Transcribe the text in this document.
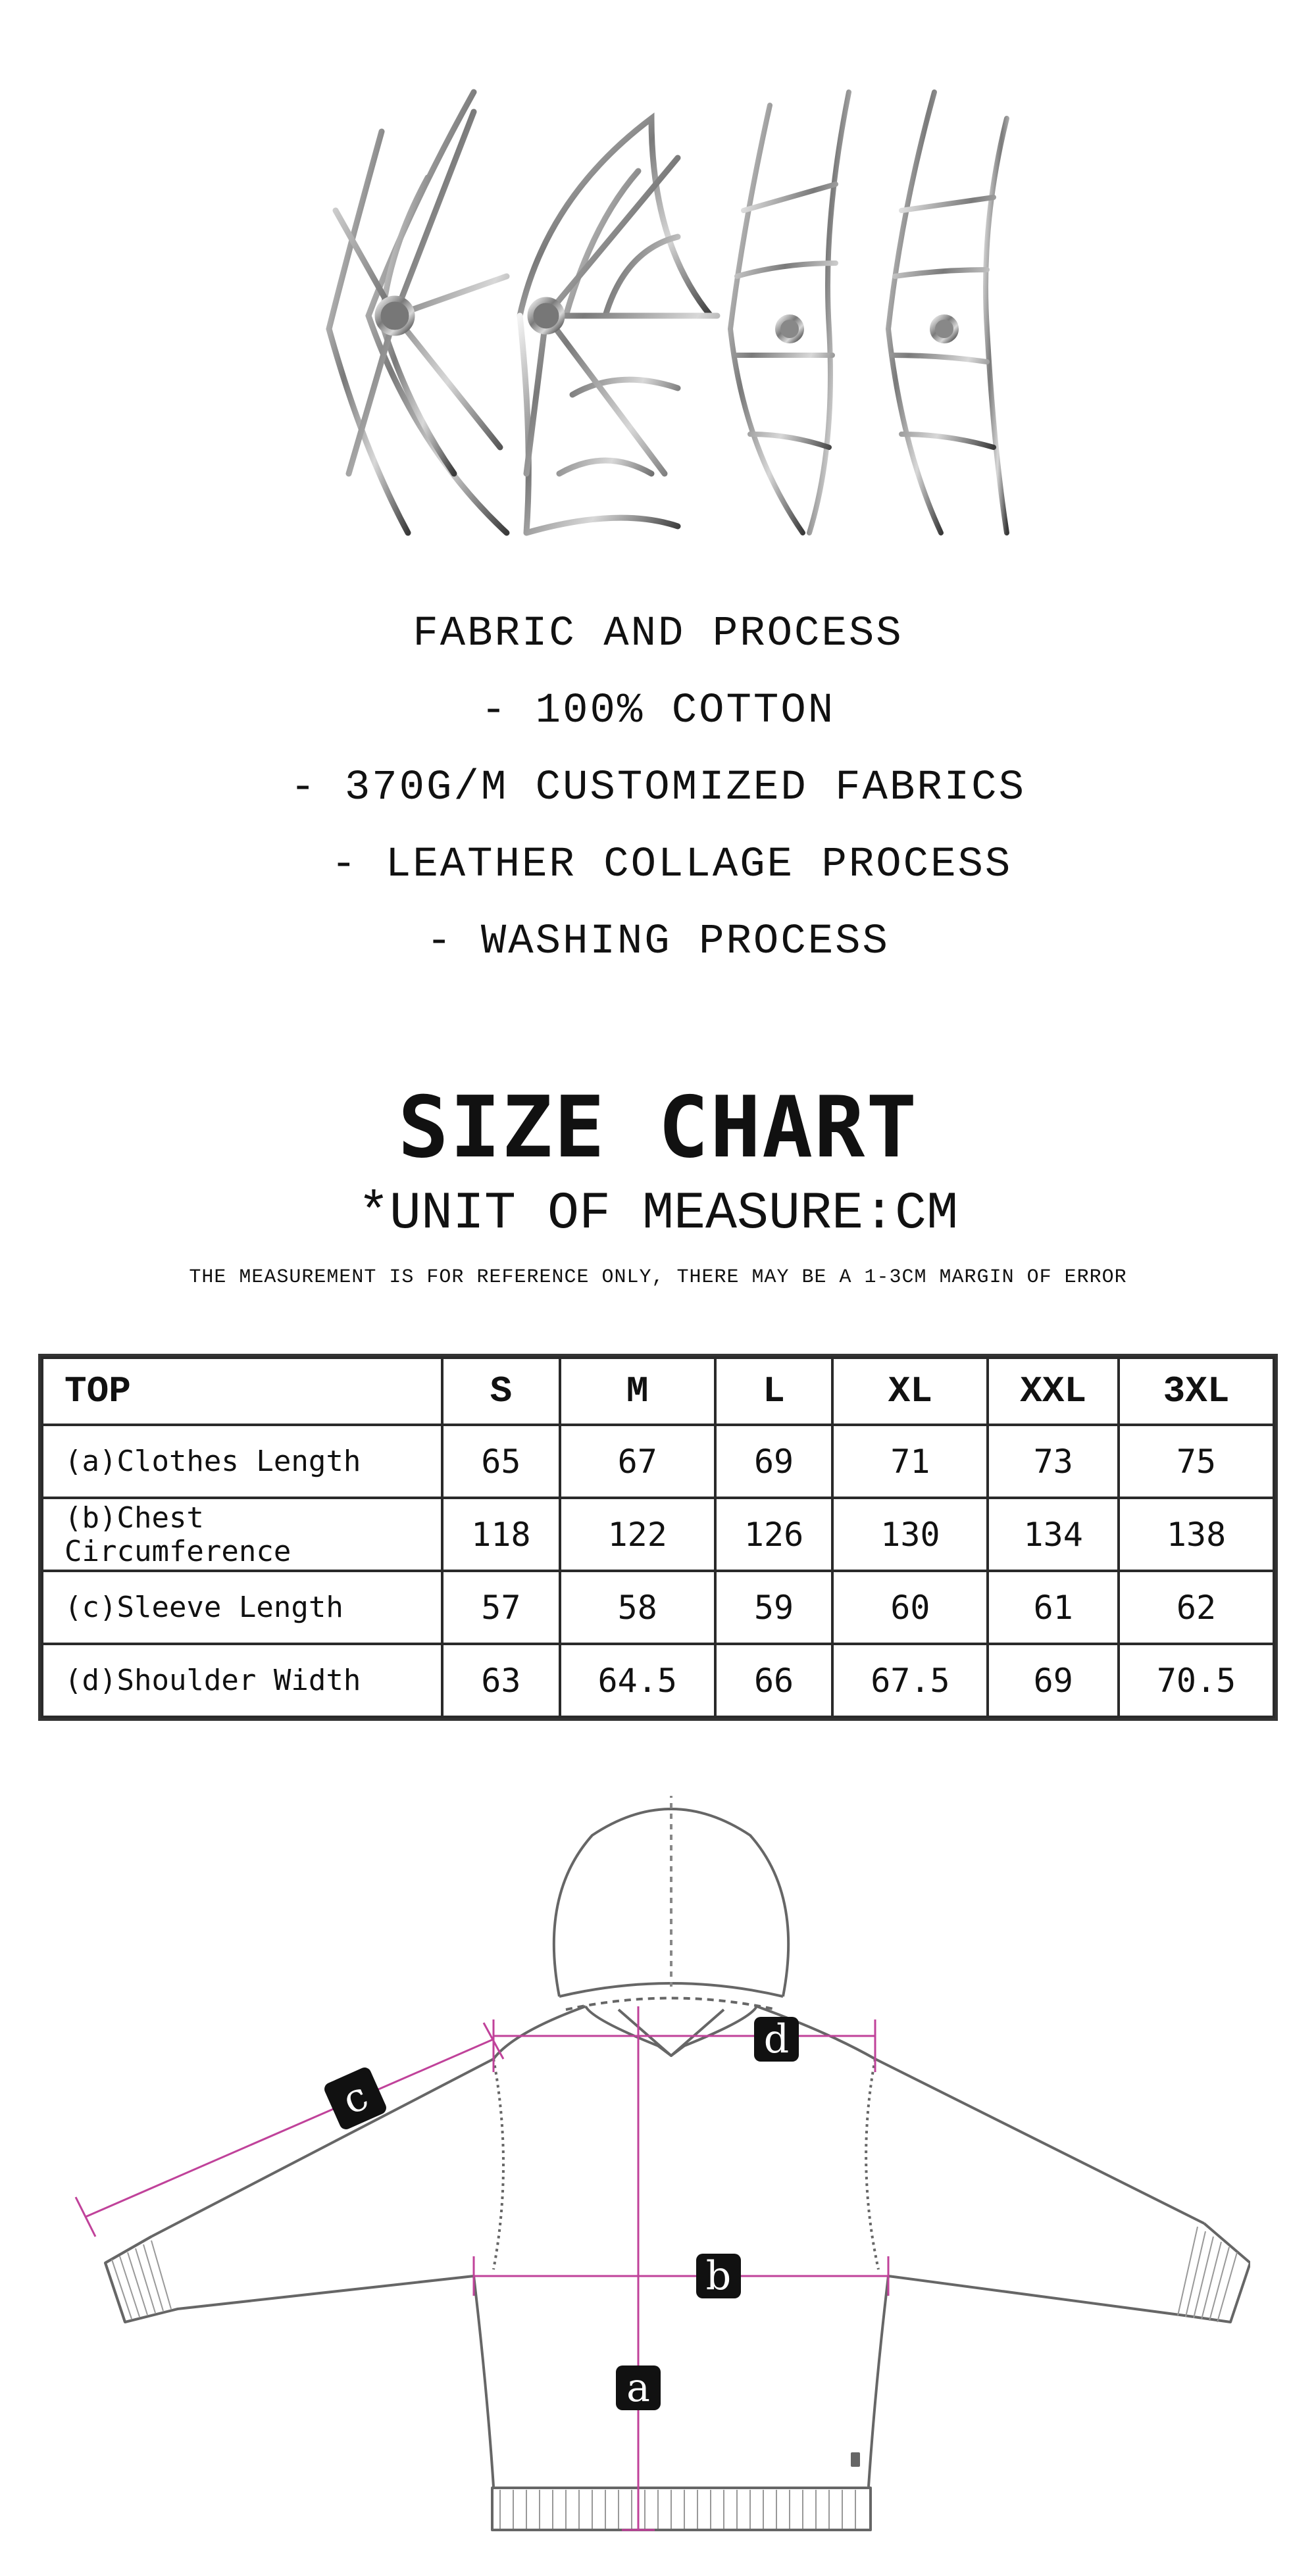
FABRIC AND PROCESS
- 100% COTTON
- 370G/M CUSTOMIZED FABRICS
- LEATHER COLLAGE PROCESS
- WASHING PROCESS
SIZE CHART
*UNIT OF MEASURE:CM
THE MEASUREMENT IS FOR REFERENCE ONLY, THERE MAY BE A 1-3CM MARGIN OF ERROR
TOP	S	M	L	XL	XXL	3XL
(a)Clothes Length	65	67	69	71	73	75
(b)Chest Circumference	118	122	126	130	134	138
(c)Sleeve Length	57	58	59	60	61	62
(d)Shoulder Width	63	64.5	66	67.5	69	70.5
c
d
b
a
